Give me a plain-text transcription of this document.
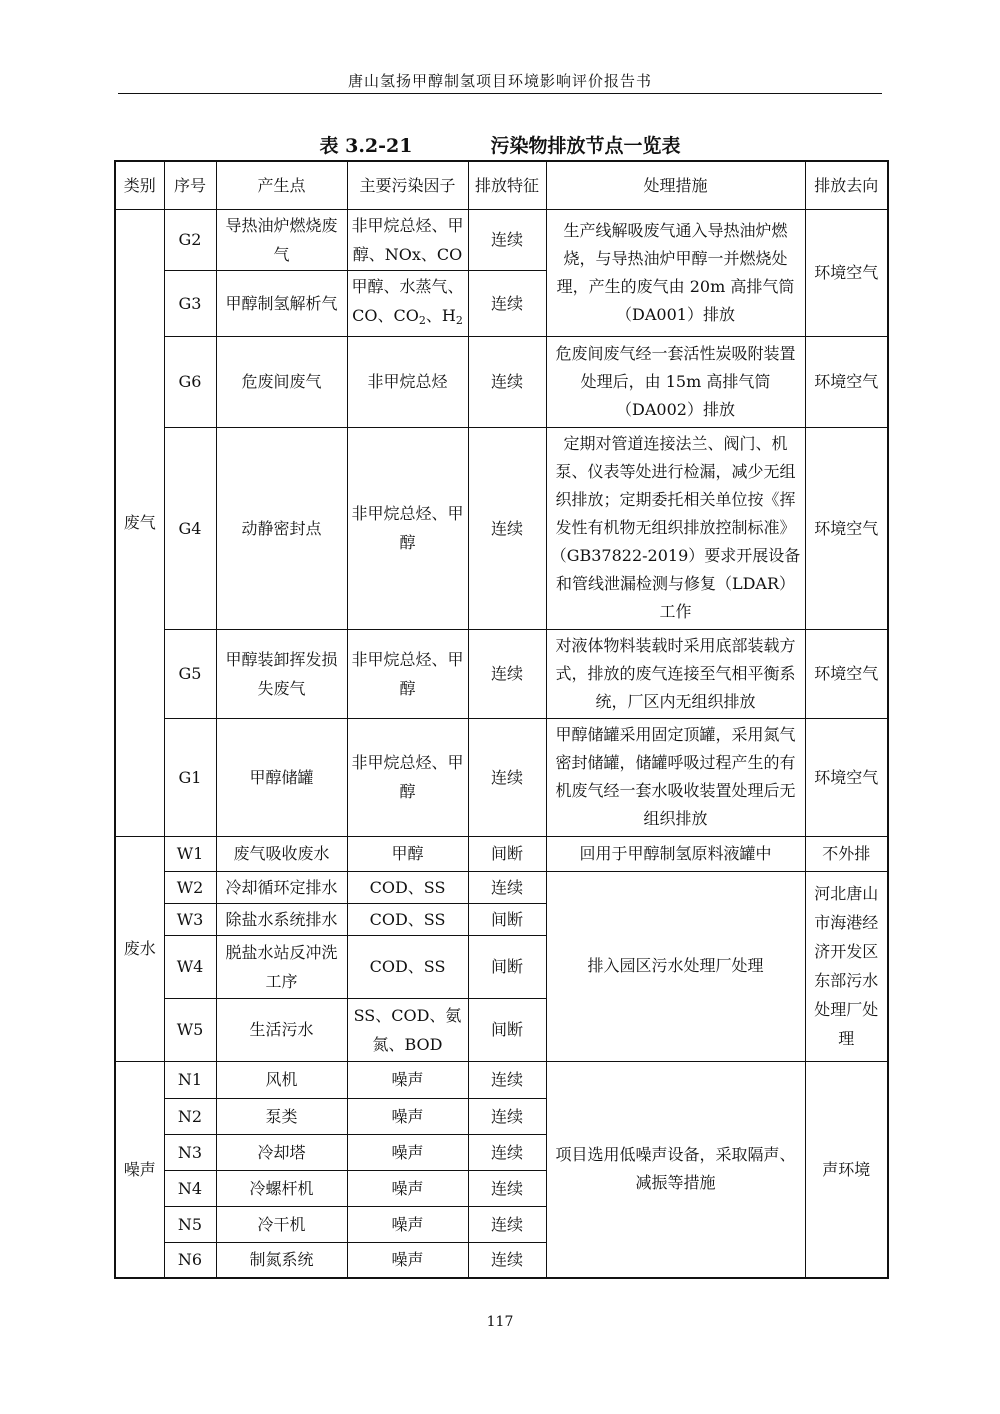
唐山氢扬甲醇制氢项目环境影响评价报告书
表 3.2-21	污染物排放节点一览表
类别	序号	产生点	主要污染因子	排放特征	处理措施	排放去向
废气	G2	导热油炉燃烧废气	非甲烷总烃、甲醇、NOx、CO	连续	生产线解吸废气通入导热油炉燃烧，与导热油炉甲醇一并燃烧处理，产生的废气由 20m 高排气筒（DA001）排放	环境空气
	G3	甲醇制氢解析气	甲醇、水蒸气、CO、$CO_2$、$H_2$	连续		
	G6	危废间废气	非甲烷总烃	连续	危废间废气经一套活性炭吸附装置处理后，由 15m 高排气筒（DA002）排放	环境空气
	G4	动静密封点	非甲烷总烃、甲醇	连续	定期对管道连接法兰、阀门、机泵、仪表等处进行检漏，减少无组织排放；定期委托相关单位按《挥发性有机物无组织排放控制标准》（GB37822-2019）要求开展设备和管线泄漏检测与修复（LDAR）工作	环境空气
	G5	甲醇装卸挥发损失废气	非甲烷总烃、甲醇	连续	对液体物料装载时采用底部装载方式，排放的废气连接至气相平衡系统，厂区内无组织排放	环境空气
	G1	甲醇储罐	非甲烷总烃、甲醇	连续	甲醇储罐采用固定顶罐，采用氮气密封储罐，储罐呼吸过程产生的有机废气经一套水吸收装置处理后无组织排放	环境空气
废水	W1	废气吸收废水	甲醇	间断	回用于甲醇制氢原料液罐中	不外排
	W2	冷却循环定排水	COD、SS	连续	排入园区污水处理厂处理	河北唐山市海港经济开发区东部污水处理厂处理
	W3	除盐水系统排水	COD、SS	间断		
	W4	脱盐水站反冲洗工序	COD、SS	间断		
	W5	生活污水	SS、COD、氨氮、BOD	间断		
噪声	N1	风机	噪声	连续	项目选用低噪声设备，采取隔声、减振等措施	声环境
	N2	泵类	噪声	连续		
	N3	冷却塔	噪声	连续		
	N4	冷螺杆机	噪声	连续		
	N5	冷干机	噪声	连续		
	N6	制氮系统	噪声	连续		
117
